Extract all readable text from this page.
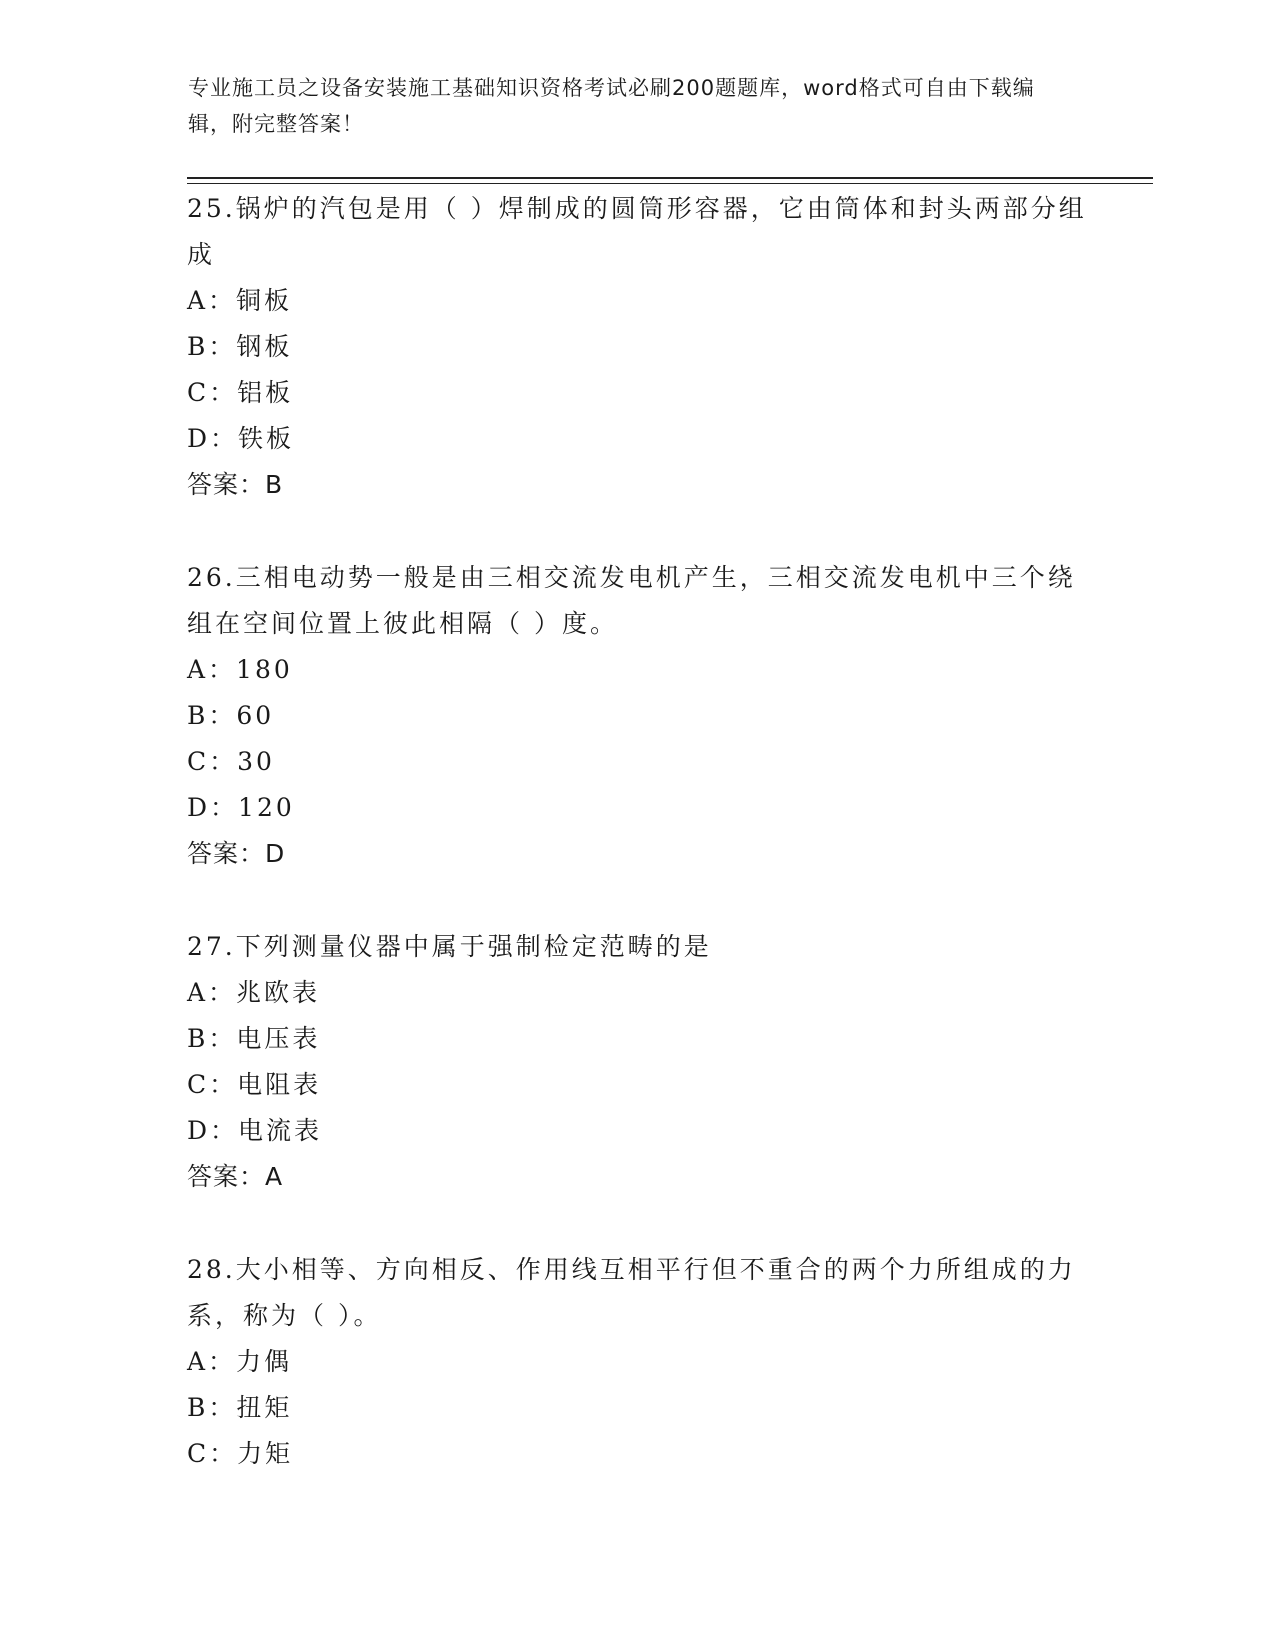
专业施工员之设备安装施工基础知识资格考试必刷200题题库，word格式可自由下载编辑，附完整答案！
25.锅炉的汽包是用（ ）焊制成的圆筒形容器，它由筒体和封头两部分组成
A：铜板
B：钢板
C：铝板
D：铁板
答案：B
26.三相电动势一般是由三相交流发电机产生，三相交流发电机中三个绕组在空间位置上彼此相隔（ ）度。
A：180
B：60
C：30
D：120
答案：D
27.下列测量仪器中属于强制检定范畴的是
A：兆欧表
B：电压表
C：电阻表
D：电流表
答案：A
28.大小相等、方向相反、作用线互相平行但不重合的两个力所组成的力系，称为（ ）。
A：力偶
B：扭矩
C：力矩
